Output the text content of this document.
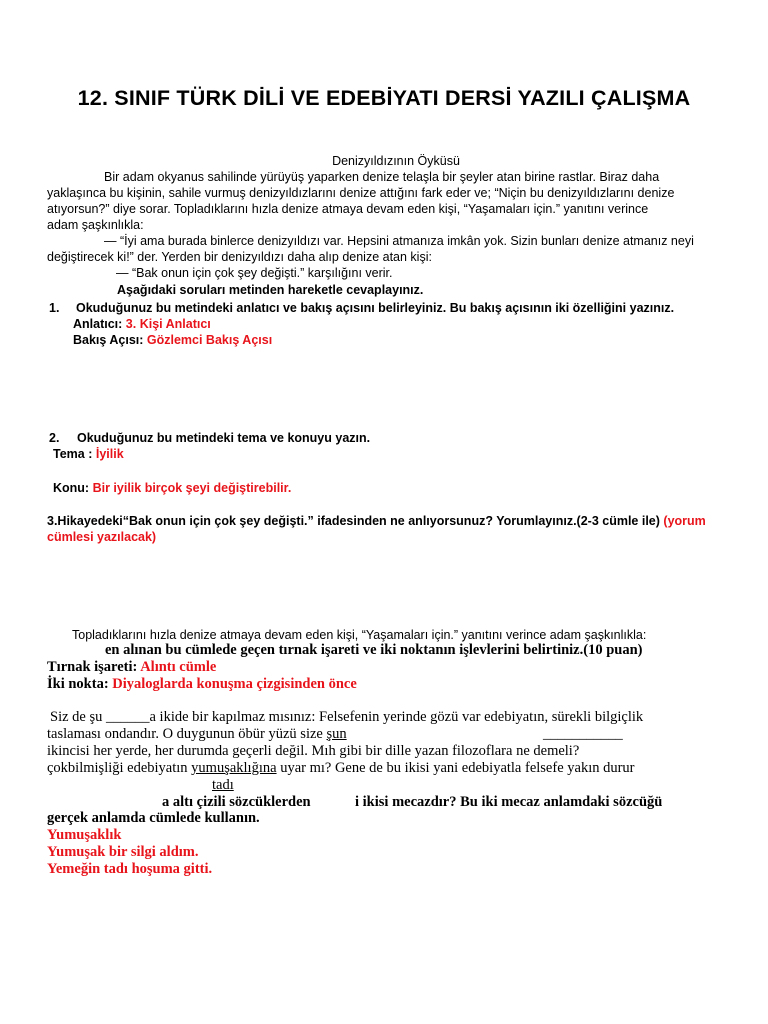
12. SINIF TÜRK DİLİ VE EDEBİYATI DERSİ YAZILI ÇALIŞMA
Denizyıldızının Öyküsü
Bir adam okyanus sahilinde yürüyüş yaparken denize telaşla bir şeyler atan birine rastlar. Biraz daha
yaklaşınca bu kişinin, sahile vurmuş denizyıldızlarını denize attığını fark eder ve; “Niçin bu denizyıldızlarını denize
atıyorsun?” diye sorar. Topladıklarını hızla denize atmaya devam eden kişi, “Yaşamaları için.” yanıtını verince
adam şaşkınlıkla:
— “İyi ama burada binlerce denizyıldızı var. Hepsini atmanıza imkân yok. Sizin bunları denize atmanız neyi
değiştirecek ki!” der. Yerden bir denizyıldızı daha alıp denize atan kişi:
— “Bak onun için çok şey değişti.” karşılığını verir.
Aşağıdaki soruları metinden hareketle cevaplayınız.
1. Okuduğunuz bu metindeki anlatıcı ve bakış açısını belirleyiniz. Bu bakış açısının iki özelliğini yazınız.
Anlatıcı: 3. Kişi Anlatıcı
Bakış Açısı: Gözlemci Bakış Açısı
2. Okuduğunuz bu metindeki tema ve konuyu yazın.
Tema : İyilik
Konu: Bir iyilik birçok şeyi değiştirebilir.
3.Hikayedeki“Bak onun için çok şey değişti.” ifadesinden ne anlıyorsunuz? Yorumlayınız.(2-3 cümle ile) (yorum
cümlesi yazılacak)
Topladıklarını hızla denize atmaya devam eden kişi, “Yaşamaları için.” yanıtını verince adam şaşkınlıkla:
en alınan bu cümlede geçen tırnak işareti ve iki noktanın işlevlerini belirtiniz.(10 puan)
Tırnak işareti: Alıntı cümle
İki nokta: Diyaloglarda konuşma çizgisinden önce
Siz de şu ______a ikide bir kapılmaz mısınız: Felsefenin yerinde gözü var edebiyatın, sürekli bilgiçlik
taslaması ondandır. O duygunun öbür yüzü size şun	___________
ikincisi her yerde, her durumda geçerli değil. Mıh gibi bir dille yazan filozoflara ne demeli?
çokbilmişliği edebiyatın yumuşaklığına uyar mı? Gene de bu ikisi yani edebiyatla felsefe yakın durur
tadı
a altı çizili sözcüklerden	i ikisi mecazdır? Bu iki mecaz anlamdaki sözcüğü
gerçek anlamda cümlede kullanın.
Yumuşaklık
Yumuşak bir silgi aldım.
Yemeğin tadı hoşuma gitti.
